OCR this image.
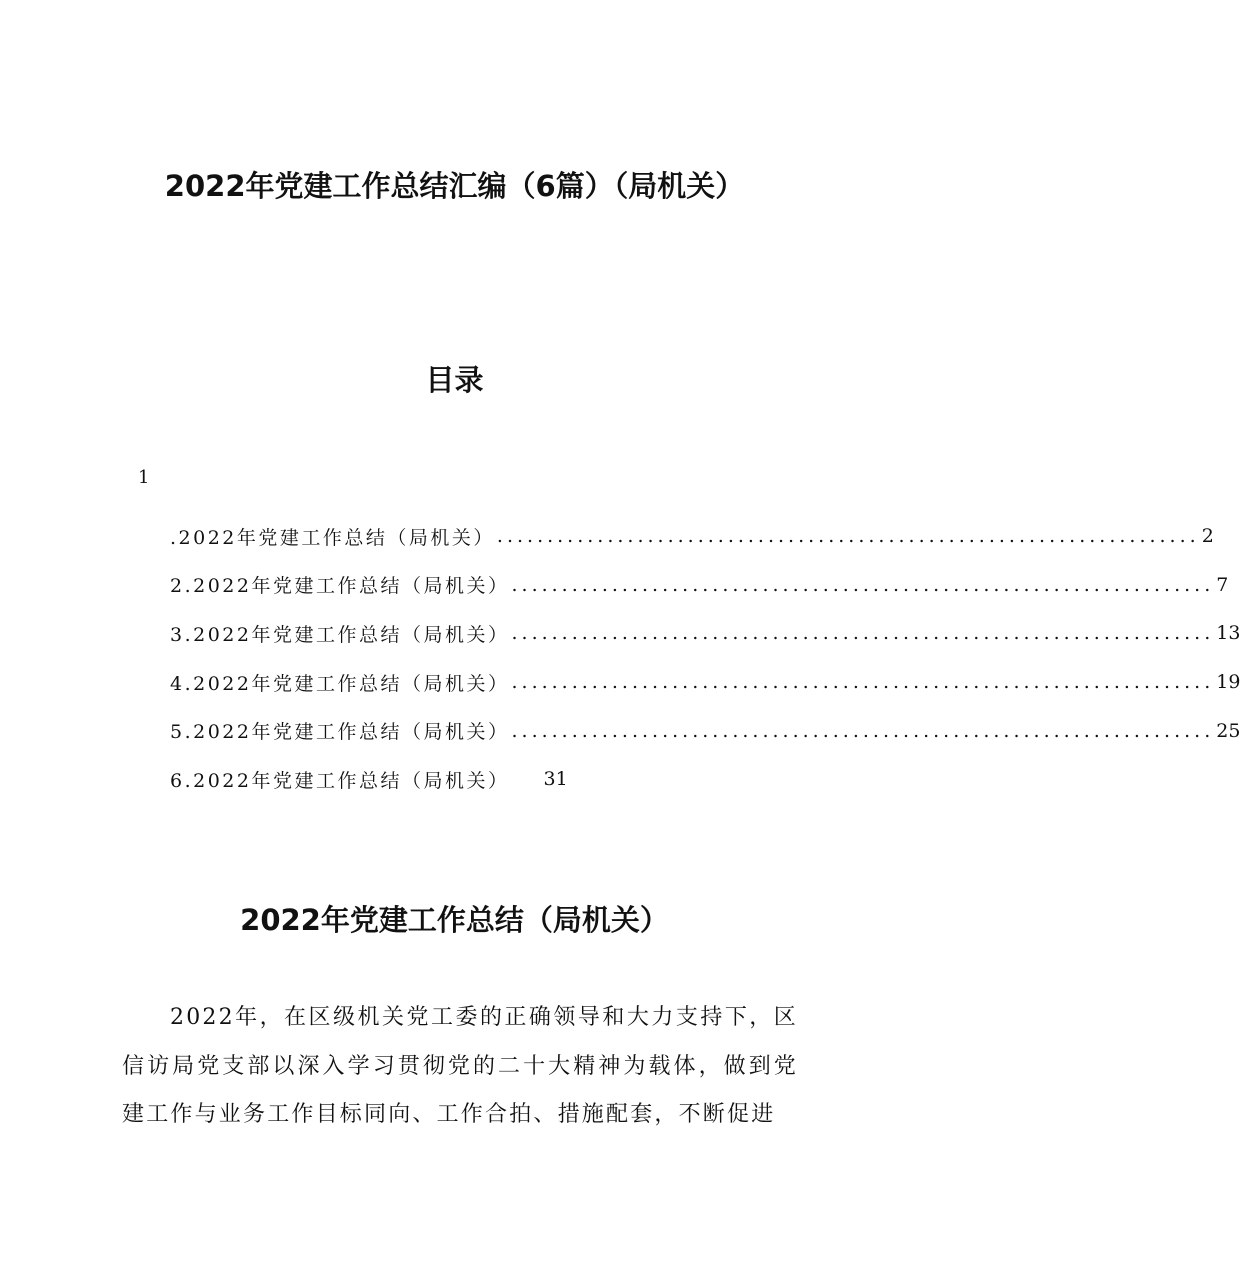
2022年党建工作总结汇编（6篇）（局机关）
目录
1
.2022年党建工作总结（局机关） ...................................................................... 2
2.2022年党建工作总结（局机关） ...................................................................... 7
3.2022年党建工作总结（局机关） ...................................................................... 13
4.2022年党建工作总结（局机关） ...................................................................... 19
5.2022年党建工作总结（局机关） ...................................................................... 25
6.2022年党建工作总结（局机关） 31
2022年党建工作总结（局机关）

2022年，在区级机关党工委的正确领导和大力支持下，区信访局党支部以深入学习贯彻党的二十大精神为载体，做到党建工作与业务工作目标同向、工作合拍、措施配套，不断促进
